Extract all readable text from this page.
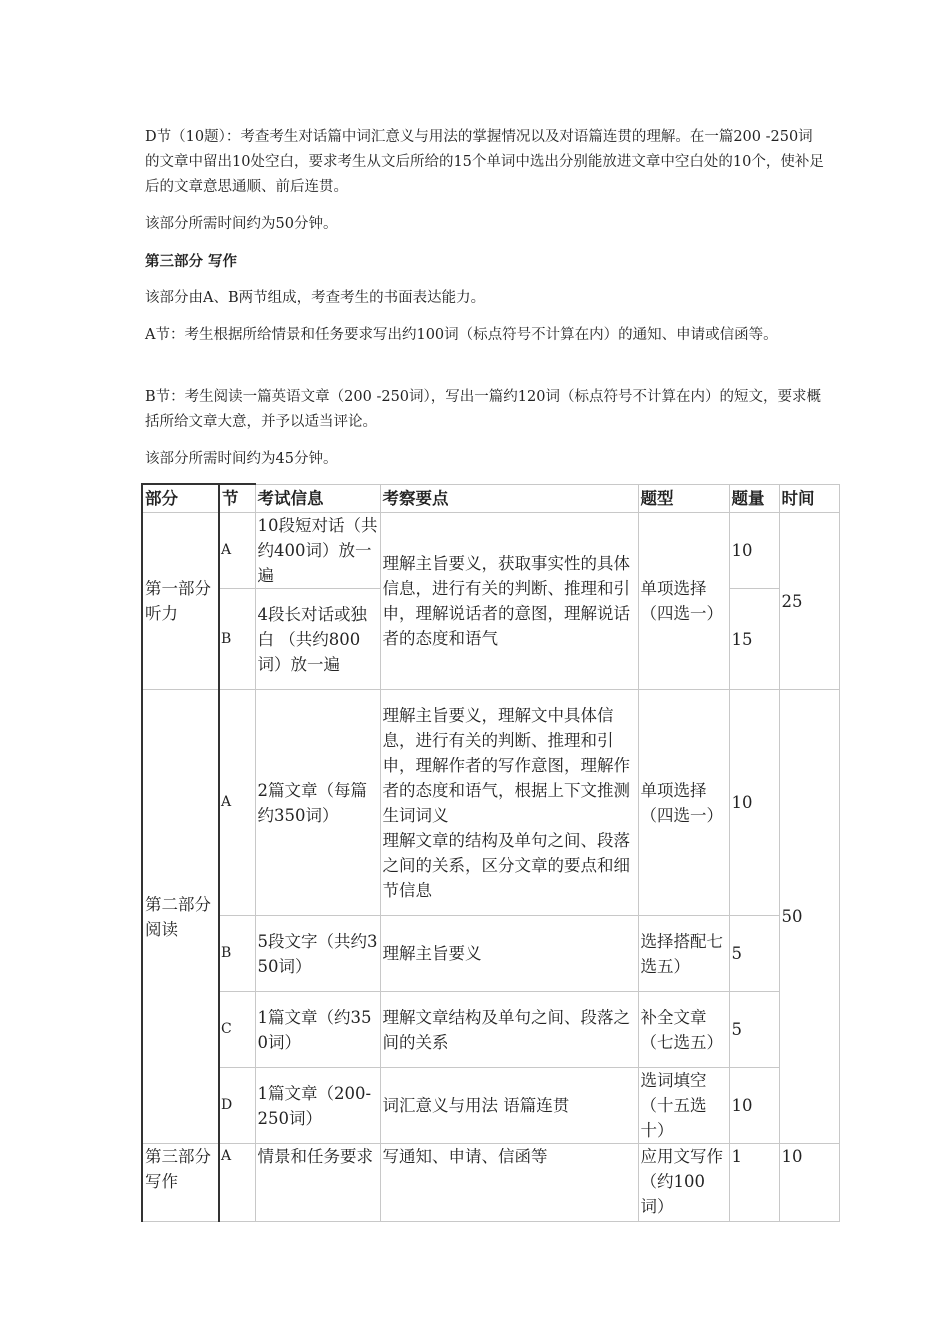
D节（10题）：考查考生对话篇中词汇意义与用法的掌握情况以及对语篇连贯的理解。在一篇200 -250词的文章中留出10处空白，要求考生从文后所给的15个单词中选出分别能放进文章中空白处的10个，使补足后的文章意思通顺、前后连贯。

该部分所需时间约为50分钟。

第三部分 写作

该部分由A、B两节组成，考查考生的书面表达能力。

A节：考生根据所给情景和任务要求写出约100词（标点符号不计算在内）的通知、申请或信函等。

B节：考生阅读一篇英语文章（200 -250词），写出一篇约120词（标点符号不计算在内）的短文，要求概括所给文章大意，并予以适当评论。

该部分所需时间约为45分钟。

部分	节	考试信息	考察要点	题型	题量	时间
第一部分听力	A	10段短对话（共约400词）放一遍	理解主旨要义，获取事实性的具体信息，进行有关的判断、推理和引申，理解说话者的意图，理解说话者的态度和语气	单项选择（四选一）	10	25
	B	4段长对话或独白 （共约800词）放一遍			15	
第二部分阅读	A	2篇文章（每篇约350词）	理解主旨要义，理解文中具体信息，进行有关的判断、推理和引申，理解作者的写作意图，理解作者的态度和语气，根据上下文推测生词词义
理解文章的结构及单句之间、段落之间的关系，区分文章的要点和细节信息	单项选择（四选一）	10	50
	B	5段文字（共约350词）	理解主旨要义	选择搭配七选五）	5	
	C	1篇文章（约350词）	理解文章结构及单句之间、段落之间的关系	补全文章（七选五）	5	
	D	1篇文章（200-250词）	词汇意义与用法 语篇连贯	选词填空（十五选十）	10	
第三部分写作	A	情景和任务要求	写通知、申请、信函等	应用文写作 （约100词）	1	10
